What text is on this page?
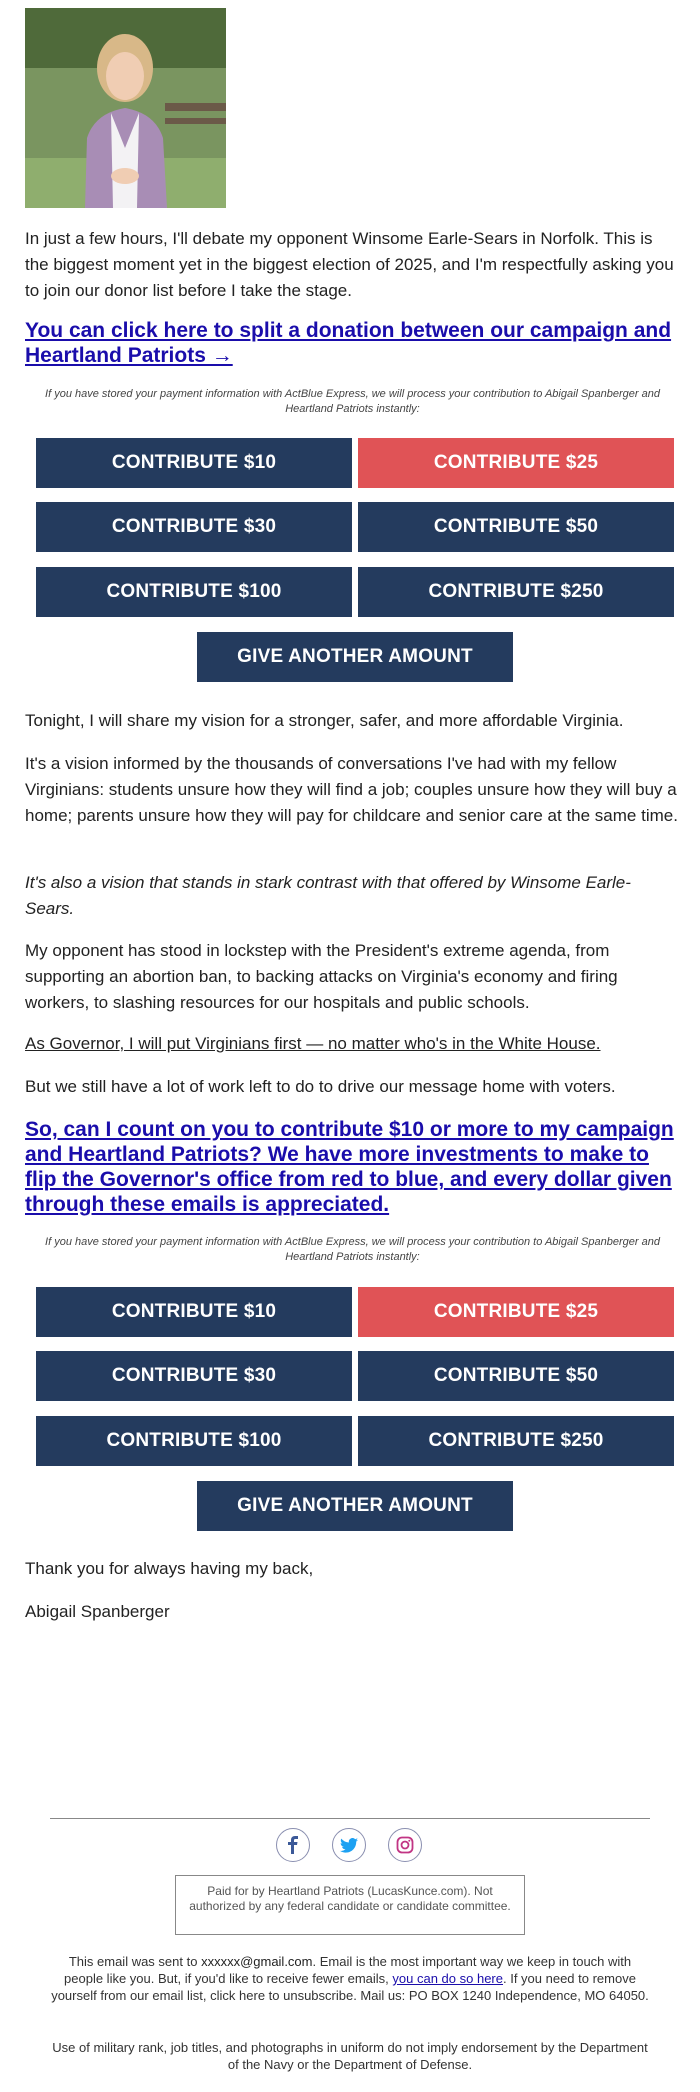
In just a few hours, I'll debate my opponent Winsome Earle-Sears in Norfolk. This is the biggest moment yet in the biggest election of 2025, and I'm respectfully asking you to join our donor list before I take the stage.

You can click here to split a donation between our campaign and Heartland Patriots →
If you have stored your payment information with ActBlue Express, we will process your contribution to Abigail Spanberger and Heartland Patriots instantly:
CONTRIBUTE $10	CONTRIBUTE $25
CONTRIBUTE $30	CONTRIBUTE $50
CONTRIBUTE $100	CONTRIBUTE $250
GIVE ANOTHER AMOUNT

Tonight, I will share my vision for a stronger, safer, and more affordable Virginia.

It's a vision informed by the thousands of conversations I've had with my fellow Virginians: students unsure how they will find a job; couples unsure how they will buy a home; parents unsure how they will pay for childcare and senior care at the same time.

It's also a vision that stands in stark contrast with that offered by Winsome Earle-Sears.

My opponent has stood in lockstep with the President's extreme agenda, from supporting an abortion ban, to backing attacks on Virginia's economy and firing workers, to slashing resources for our hospitals and public schools.

As Governor, I will put Virginians first — no matter who's in the White House.

But we still have a lot of work left to do to drive our message home with voters.

So, can I count on you to contribute $10 or more to my campaign and Heartland Patriots? We have more investments to make to flip the Governor's office from red to blue, and every dollar given through these emails is appreciated.
If you have stored your payment information with ActBlue Express, we will process your contribution to Abigail Spanberger and Heartland Patriots instantly:
CONTRIBUTE $10	CONTRIBUTE $25
CONTRIBUTE $30	CONTRIBUTE $50
CONTRIBUTE $100	CONTRIBUTE $250
GIVE ANOTHER AMOUNT

Thank you for always having my back,

Abigail Spanberger

Paid for by Heartland Patriots (LucasKunce.com). Not authorized by any federal candidate or candidate committee.
This email was sent to xxxxxx@gmail.com. Email is the most important way we keep in touch with people like you. But, if you'd like to receive fewer emails, you can do so here. If you need to remove yourself from our email list, click here to unsubscribe. Mail us: PO BOX 1240 Independence, MO 64050.
Use of military rank, job titles, and photographs in uniform do not imply endorsement by the Department of the Navy or the Department of Defense.
